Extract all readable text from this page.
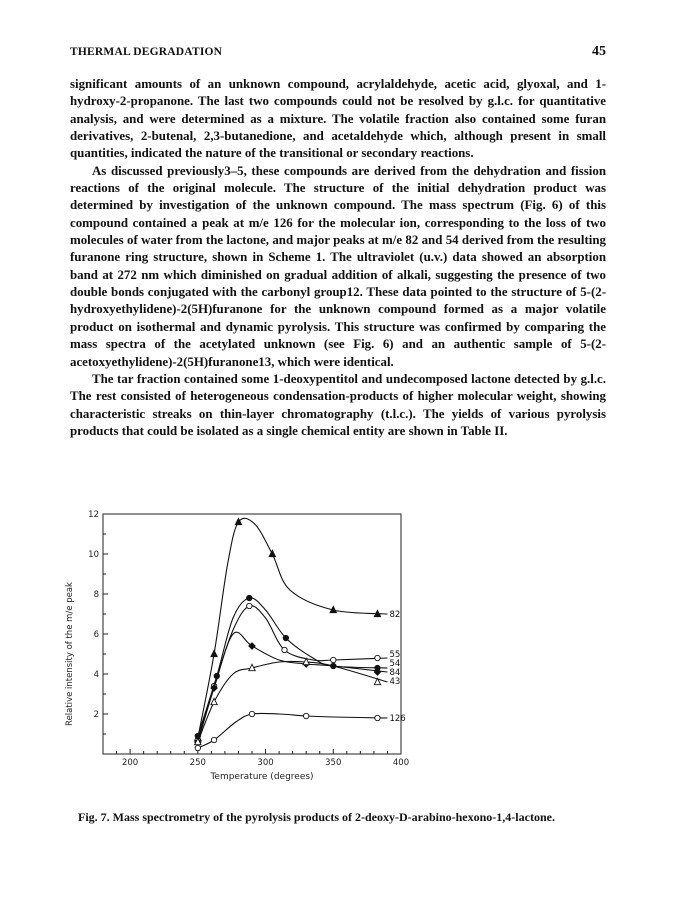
THERMAL DEGRADATION	45

significant amounts of an unknown compound, acrylaldehyde, acetic acid, glyoxal, and 1-hydroxy-2-propanone. The last two compounds could not be resolved by g.l.c. for quantitative analysis, and were determined as a mixture. The volatile fraction also contained some furan derivatives, 2-butenal, 2,3-butanedione, and acetaldehyde which, although present in small quantities, indicated the nature of the transitional or secondary reactions.

As discussed previously3–5, these compounds are derived from the dehydration and fission reactions of the original molecule. The structure of the initial dehydration product was determined by investigation of the unknown compound. The mass spectrum (Fig. 6) of this compound contained a peak at m/e 126 for the molecular ion, corresponding to the loss of two molecules of water from the lactone, and major peaks at m/e 82 and 54 derived from the resulting furanone ring structure, shown in Scheme 1. The ultraviolet (u.v.) data showed an absorption band at 272 nm which diminished on gradual addition of alkali, suggesting the presence of two double bonds conjugated with the carbonyl group12. These data pointed to the structure of 5-(2-hydroxyethylidene)-2(5H)furanone for the unknown compound formed as a major volatile product on isothermal and dynamic pyrolysis. This structure was confirmed by comparing the mass spectra of the acetylated unknown (see Fig. 6) and an authentic sample of 5-(2-acetoxyethylidene)-2(5H)furanone13, which were identical.

The tar fraction contained some 1-deoxypentitol and undecomposed lactone detected by g.l.c. The rest consisted of heterogeneous condensation-products of higher molecular weight, showing characteristic streaks on thin-layer chromatography (t.l.c.). The yields of various pyrolysis products that could be isolated as a single chemical entity are shown in Table II.

200	250	300	350	400
2
4
6
8
10
12
Temperature (degrees)
Relative intensity of the m/e peak	82
55
54
84
43
126
Fig. 7. Mass spectrometry of the pyrolysis products of 2-deoxy-D-arabino-hexono-1,4-lactone.
